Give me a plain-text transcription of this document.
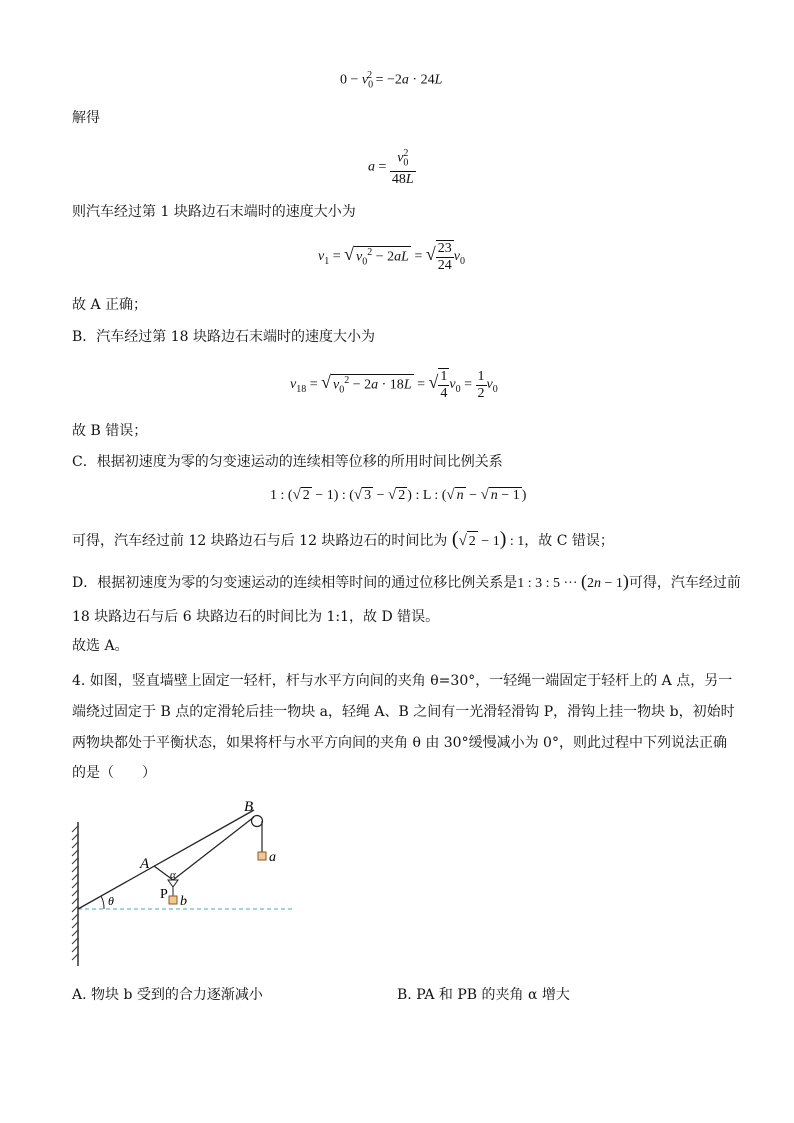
$0 - v_0^2 = -2a \cdot 24L$
解得
$a = \frac{v_0^2}{48L}$
则汽车经过第 1 块路边石末端时的速度大小为
$v_1$ = √ $v_0^2 - 2aL$ = √ $\frac{23}{24} v_0$
故 A 正确；
B．汽车经过第 18 块路边石末端时的速度大小为
$v_{18}$ = √ $v_0^2 - 2a \cdot 18L$ = √ $\frac{1}{4} v_0 = \frac{1}{2} v_0$
故 B 错误；
C．根据初速度为零的匀变速运动的连续相等位移的所用时间比例关系
1 : (√ 2 − 1) : (√ 3 − √ 2 ) : L : (√ n − √ n − 1 )
可得，汽车经过前 12 块路边石与后 12 块路边石的时间比为 (√ 2 − 1) : 1，故 C 错误；
D．根据初速度为零的匀变速运动的连续相等时间的通过位移比例关系是1 : 3 : 5 ··· (2n − 1)可得，汽车经过前
18 块路边石与后 6 块路边石的时间比为 1:1，故 D 错误。
故选 A。
4. 如图，竖直墙壁上固定一轻杆，杆与水平方向间的夹角 θ=30°，一轻绳一端固定于轻杆上的 A 点，另一
端绕过固定于 B 点的定滑轮后挂一物块 a，轻绳 A、B 之间有一光滑轻滑钩 P，滑钩上挂一物块 b，初始时
两物块都处于平衡状态，如果将杆与水平方向间的夹角 θ 由 30°缓慢减小为 0°，则此过程中下列说法正确
的是（　　）
B
A	a
P b
θ
α
A. 物块 b 受到的合力逐渐减小	B. PA 和 PB 的夹角 α 增大
